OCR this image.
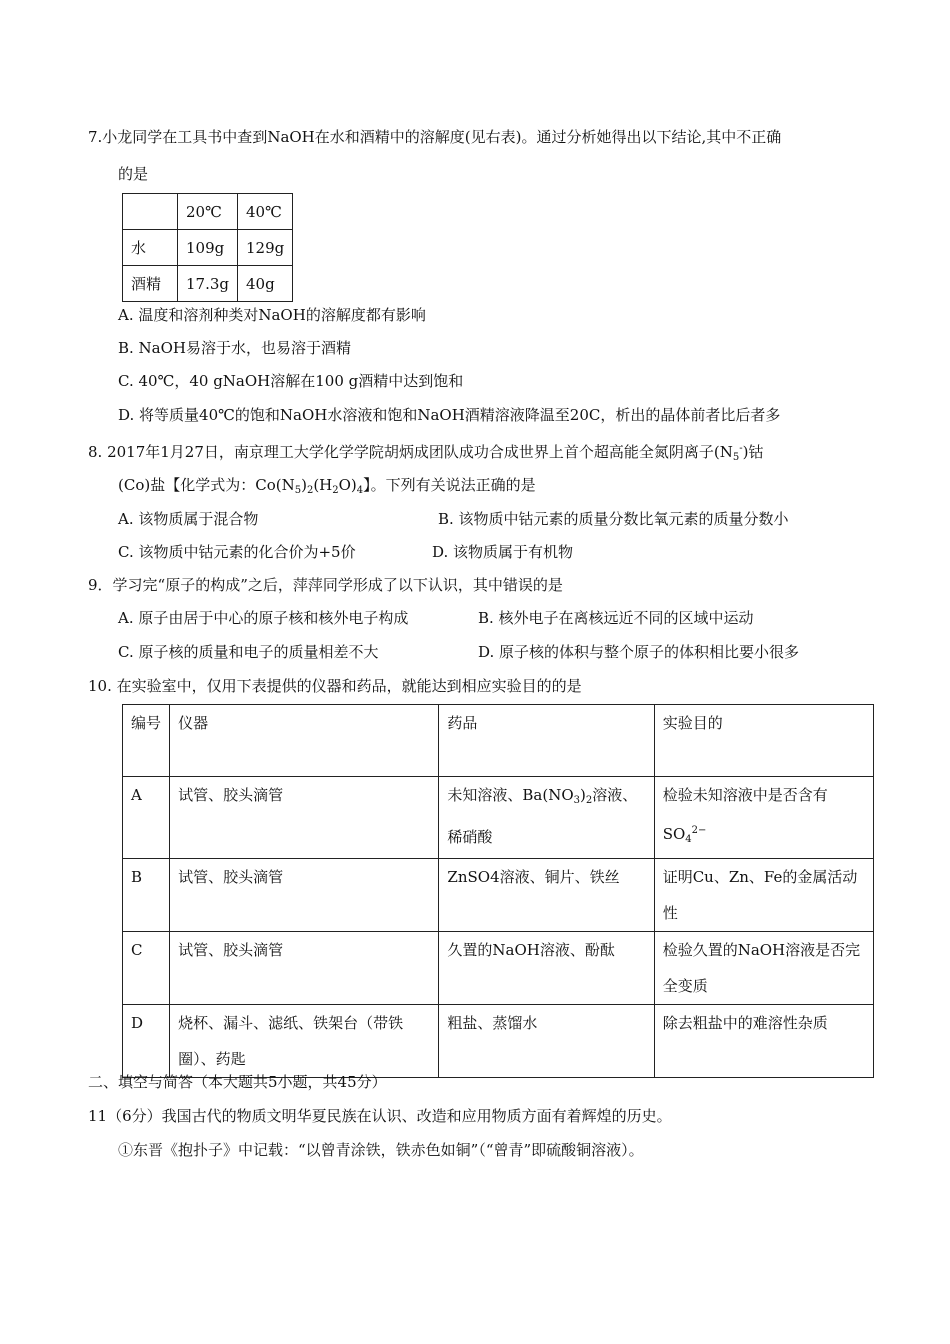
7.小龙同学在工具书中查到NaOH在水和酒精中的溶解度(见右表)。通过分析她得出以下结论,其中不正确
的是
	20℃	40℃
水	109g	129g
酒精	17.3g	40g
A. 温度和溶剂种类对NaOH的溶解度都有影响
B. NaOH易溶于水，也易溶于酒精
C. 40℃，40 gNaOH溶解在100 g酒精中达到饱和
D. 将等质量40℃的饱和NaOH水溶液和饱和NaOH酒精溶液降温至20C，析出的晶体前者比后者多
8. 2017年1月27日，南京理工大学化学学院胡炳成团队成功合成世界上首个超高能全氮阴离子$(N_5^-)$钴
(Co)盐【化学式为：$Co(N_5)_2(H_2O)_4$】。下列有关说法正确的是
A. 该物质属于混合物	B. 该物质中钴元素的质量分数比氧元素的质量分数小
C. 该物质中钴元素的化合价为+5价	D. 该物质属于有机物
9．学习完“原子的构成”之后，萍萍同学形成了以下认识，其中错误的是
A. 原子由居于中心的原子核和核外电子构成	B. 核外电子在离核远近不同的区域中运动
C. 原子核的质量和电子的质量相差不大	D. 原子核的体积与整个原子的体积相比要小很多
10. 在实验室中，仅用下表提供的仪器和药品，就能达到相应实验目的的是
编号	仪器	药品	实验目的
A	试管、胶头滴管	未知溶液、$Ba(NO_3)_2$溶液、稀硝酸	检验未知溶液中是否含有$SO_4^{2-}$
B	试管、胶头滴管	ZnSO4溶液、铜片、铁丝	证明Cu、Zn、Fe的金属活动性
C	试管、胶头滴管	久置的NaOH溶液、酚酞	检验久置的NaOH溶液是否完全变质
D	烧杯、漏斗、滤纸、铁架台（带铁圈）、药匙	粗盐、蒸馏水	除去粗盐中的难溶性杂质
二、填空与简答（本大题共5小题，共45分）
11（6分）我国古代的物质文明华夏民族在认识、改造和应用物质方面有着辉煌的历史。
①东晋《抱扑子》中记载：“以曾青涂铁，铁赤色如铜”（“曾青”即硫酸铜溶液）。
